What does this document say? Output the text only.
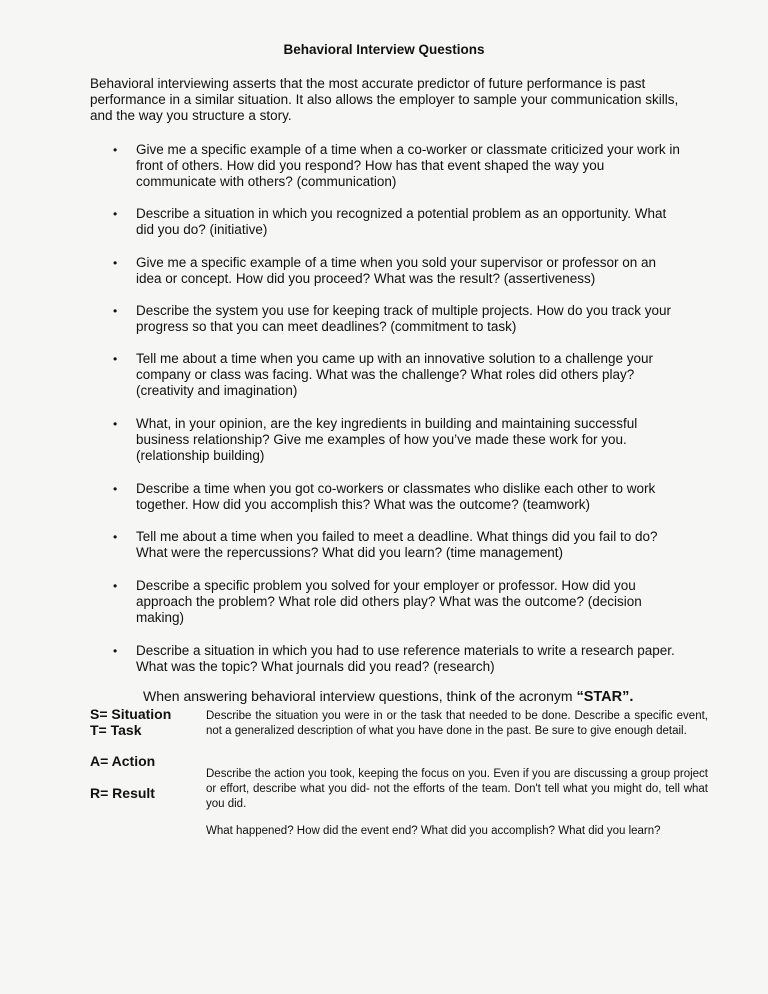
Behavioral Interview Questions
Behavioral interviewing asserts that the most accurate predictor of future performance is past performance in a similar situation. It also allows the employer to sample your communication skills, and the way you structure a story.
• Give me a specific example of a time when a co-worker or classmate criticized your work in front of others. How did you respond? How has that event shaped the way you communicate with others? (communication)
• Describe a situation in which you recognized a potential problem as an opportunity. What did you do? (initiative)
• Give me a specific example of a time when you sold your supervisor or professor on an idea or concept. How did you proceed? What was the result? (assertiveness)
• Describe the system you use for keeping track of multiple projects. How do you track your progress so that you can meet deadlines? (commitment to task)
• Tell me about a time when you came up with an innovative solution to a challenge your company or class was facing. What was the challenge? What roles did others play? (creativity and imagination)
• What, in your opinion, are the key ingredients in building and maintaining successful business relationship? Give me examples of how you’ve made these work for you. (relationship building)
• Describe a time when you got co-workers or classmates who dislike each other to work together. How did you accomplish this? What was the outcome? (teamwork)
• Tell me about a time when you failed to meet a deadline. What things did you fail to do? What were the repercussions? What did you learn? (time management)
• Describe a specific problem you solved for your employer or professor. How did you approach the problem? What role did others play? What was the outcome? (decision making)
• Describe a situation in which you had to use reference materials to write a research paper. What was the topic? What journals did you read? (research)
When answering behavioral interview questions, think of the acronym “STAR”.
S= Situation
T= Task
A= Action
R= Result
Describe the situation you were in or the task that needed to be done. Describe a specific event, not a generalized description of what you have done in the past. Be sure to give enough detail.
Describe the action you took, keeping the focus on you. Even if you are discussing a group project or effort, describe what you did- not the efforts of the team. Don't tell what you might do, tell what you did.
What happened? How did the event end? What did you accomplish? What did you learn?
